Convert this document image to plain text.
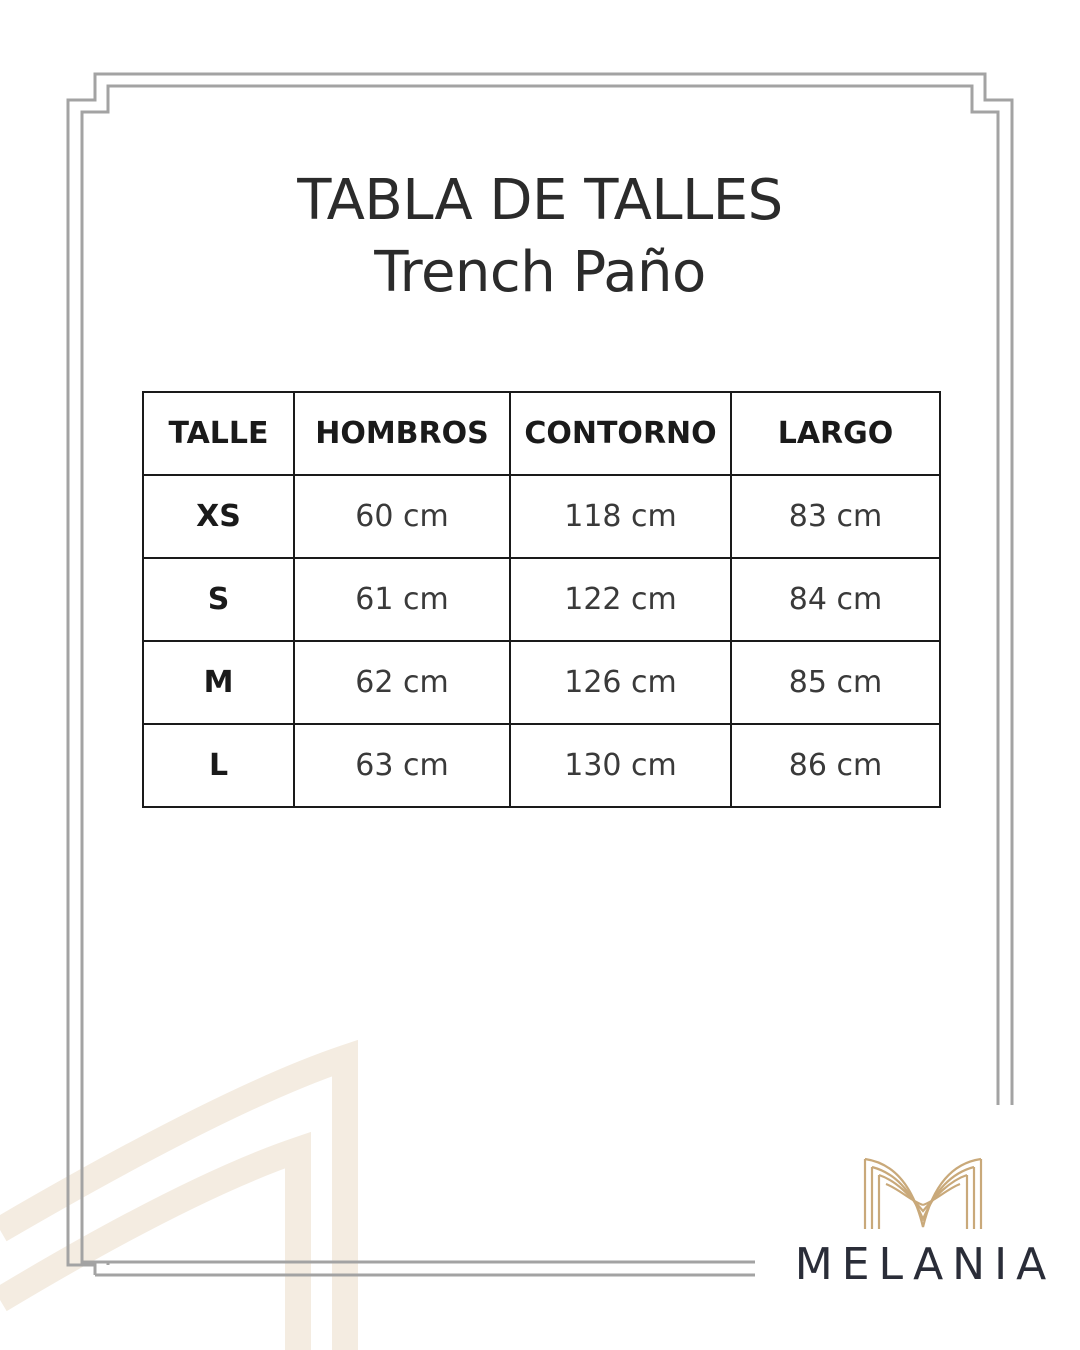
TABLA DE TALLES
Trench Paño
TALLE	HOMBROS	CONTORNO	LARGO
XS	60 cm	118 cm	83 cm
S	61 cm	122 cm	84 cm
M	62 cm	126 cm	85 cm
L	63 cm	130 cm	86 cm
MELANIA
